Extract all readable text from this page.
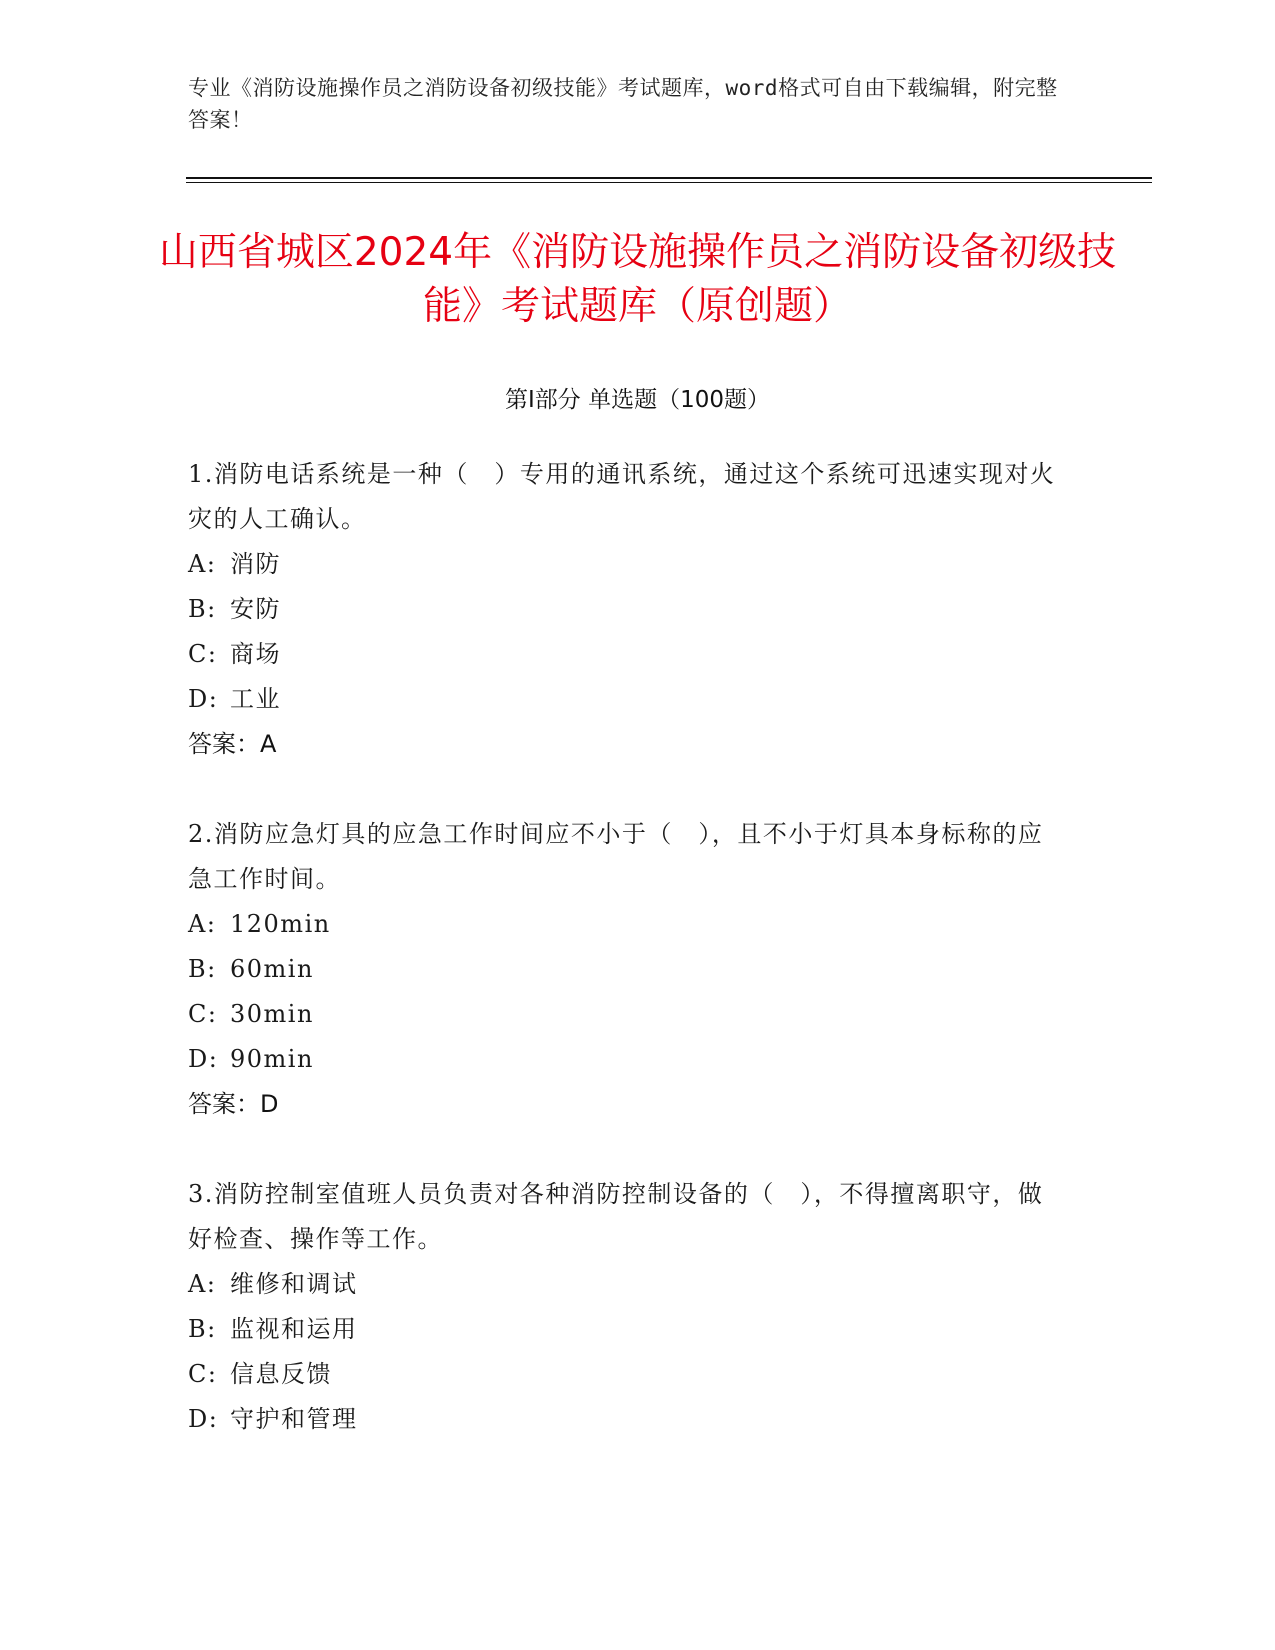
专业《消防设施操作员之消防设备初级技能》考试题库，word格式可自由下载编辑，附完整答案！
山西省城区2024年《消防设施操作员之消防设备初级技能》考试题库（原创题）
第I部分 单选题（100题）
1.消防电话系统是一种（　）专用的通讯系统，通过这个系统可迅速实现对火灾的人工确认。
A: 消防
B: 安防
C: 商场
D: 工业
答案：A
2.消防应急灯具的应急工作时间应不小于（　），且不小于灯具本身标称的应急工作时间。
A: 120min
B: 60min
C: 30min
D: 90min
答案：D
3.消防控制室值班人员负责对各种消防控制设备的（　），不得擅离职守，做好检查、操作等工作。
A: 维修和调试
B: 监视和运用
C: 信息反馈
D: 守护和管理
